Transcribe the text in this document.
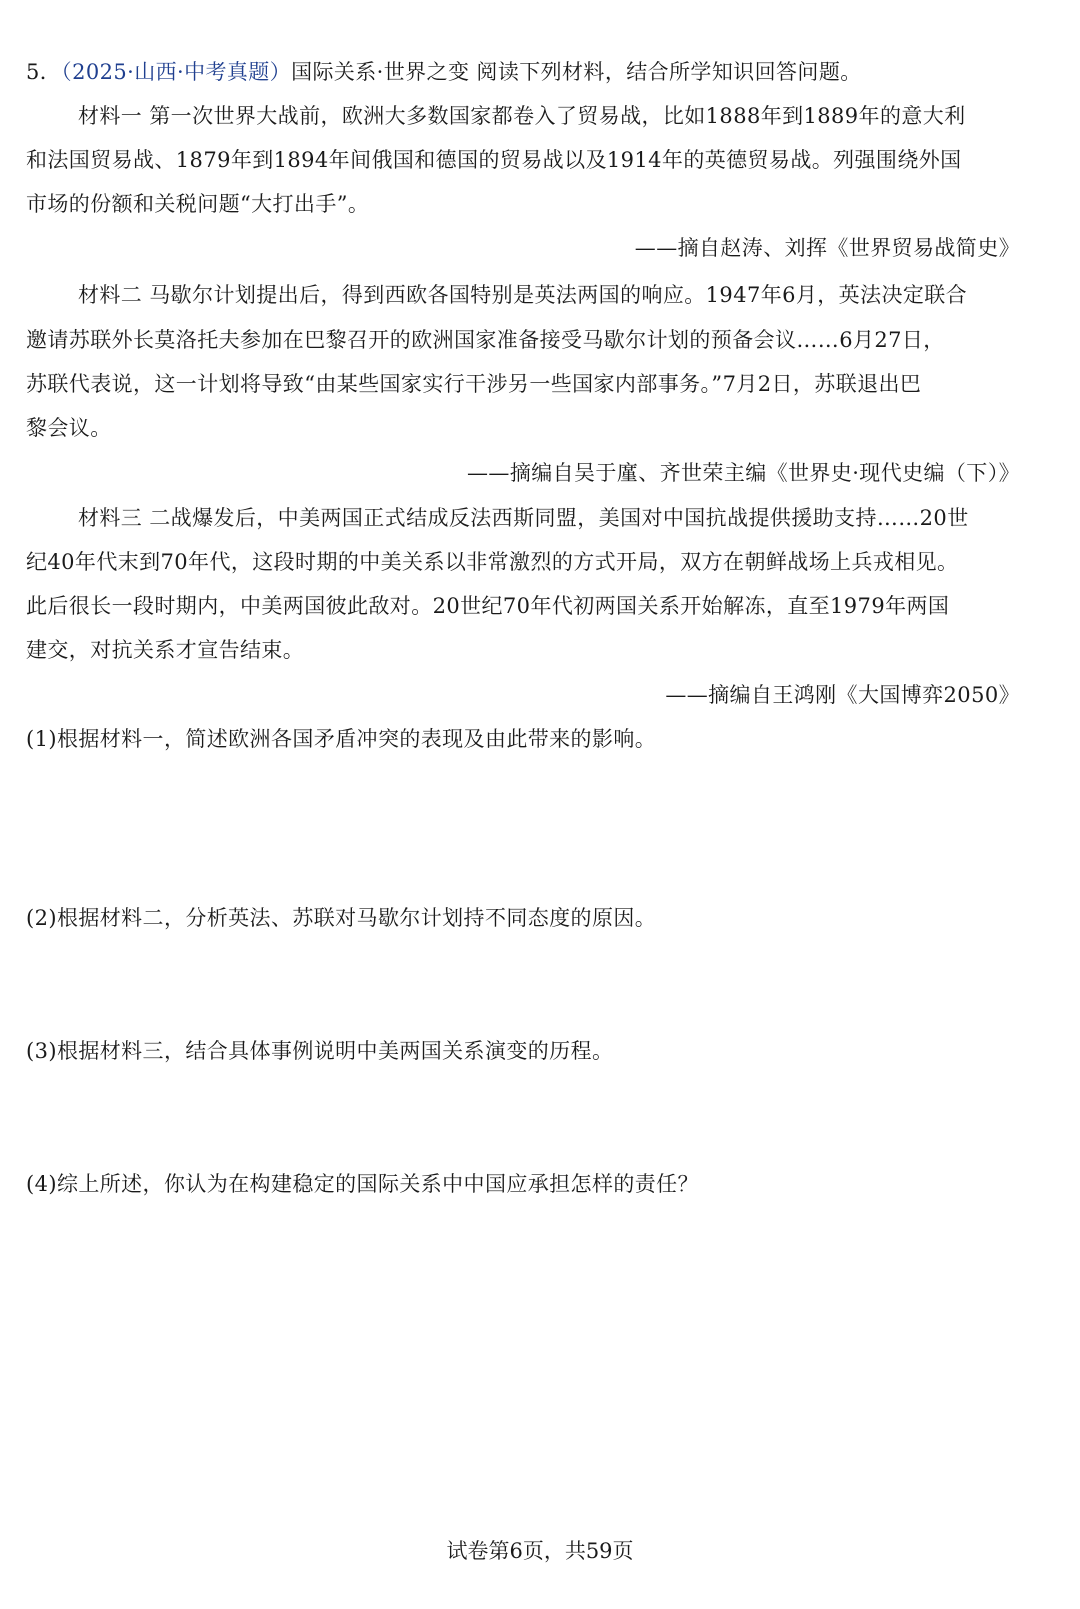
5．（2025·山西·中考真题）国际关系·世界之变 阅读下列材料，结合所学知识回答问题。
材料一 第一次世界大战前，欧洲大多数国家都卷入了贸易战，比如1888年到1889年的意大利
和法国贸易战、1879年到1894年间俄国和德国的贸易战以及1914年的英德贸易战。列强围绕外国
市场的份额和关税问题“大打出手”。
——摘自赵涛、刘挥《世界贸易战简史》
材料二 马歇尔计划提出后，得到西欧各国特别是英法两国的响应。1947年6月，英法决定联合
邀请苏联外长莫洛托夫参加在巴黎召开的欧洲国家准备接受马歇尔计划的预备会议……6月27日，
苏联代表说，这一计划将导致“由某些国家实行干涉另一些国家内部事务。”7月2日，苏联退出巴
黎会议。
——摘编自吴于廑、齐世荣主编《世界史·现代史编（下）》
材料三 二战爆发后，中美两国正式结成反法西斯同盟，美国对中国抗战提供援助支持……20世
纪40年代末到70年代，这段时期的中美关系以非常激烈的方式开局，双方在朝鲜战场上兵戎相见。
此后很长一段时期内，中美两国彼此敌对。20世纪70年代初两国关系开始解冻，直至1979年两国
建交，对抗关系才宣告结束。
——摘编自王鸿刚《大国博弈2050》
(1)根据材料一，简述欧洲各国矛盾冲突的表现及由此带来的影响。
(2)根据材料二，分析英法、苏联对马歇尔计划持不同态度的原因。
(3)根据材料三，结合具体事例说明中美两国关系演变的历程。
(4)综上所述，你认为在构建稳定的国际关系中中国应承担怎样的责任？
试卷第6页，共59页
